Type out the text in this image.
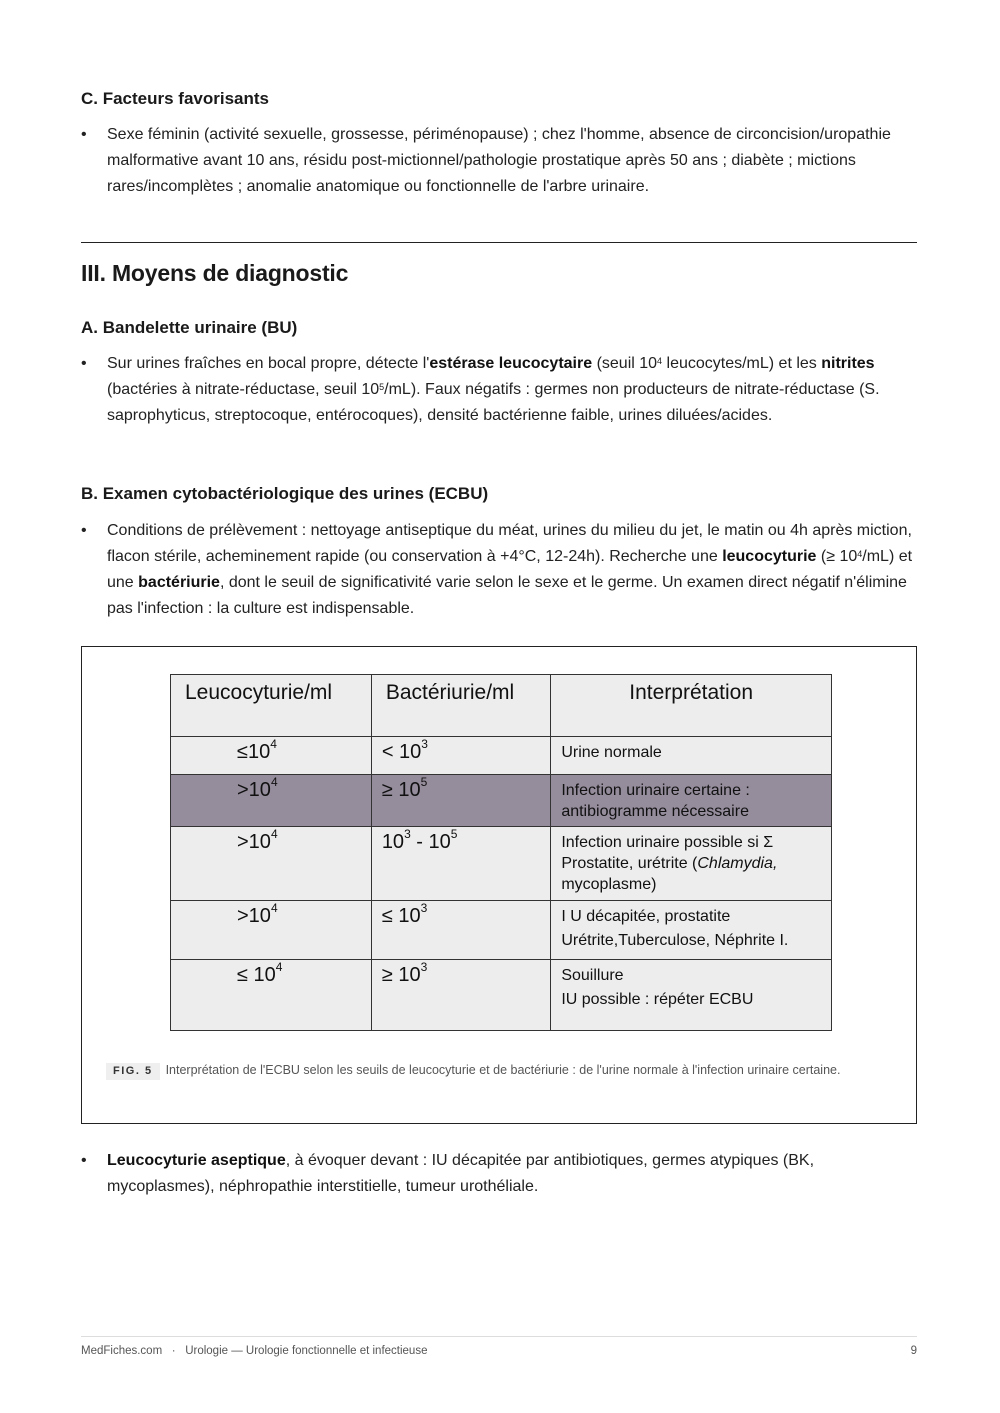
C. Facteurs favorisants
• Sexe féminin (activité sexuelle, grossesse, périménopause) ; chez l'homme, absence de circoncision/uropathie malformative avant 10 ans, résidu post-mictionnel/pathologie prostatique après 50 ans ; diabète ; mictions rares/incomplètes ; anomalie anatomique ou fonctionnelle de l'arbre urinaire.
III. Moyens de diagnostic
A. Bandelette urinaire (BU)
• Sur urines fraîches en bocal propre, détecte l'estérase leucocytaire (seuil $10^4$ leucocytes/mL) et les nitrites (bactéries à nitrate-réductase, seuil $10^5/mL$). Faux négatifs : germes non producteurs de nitrate-réductase (S. saprophyticus, streptocoque, entérocoques), densité bactérienne faible, urines diluées/acides.
B. Examen cytobactériologique des urines (ECBU)
• Conditions de prélèvement : nettoyage antiseptique du méat, urines du milieu du jet, le matin ou 4h après miction, flacon stérile, acheminement rapide (ou conservation à +4°C, 12-24h). Recherche une leucocyturie (≥ $10^4/mL$) et une bactériurie, dont le seuil de significativité varie selon le sexe et le germe. Un examen direct négatif n'élimine pas l'infection : la culture est indispensable.
Leucocyturie/ml	Bactériurie/ml	Interprétation
$\le 10^4$	< $10^3$	Urine normale
$>10^4$	≥ $10^5$	Infection urinaire certaine :
antibiogramme nécessaire
$>10^4$	$10^3 - 10^5$	Infection urinaire possible si Σ
Prostatite, urétrite (Chlamydia,
mycoplasme)
$>10^4$	≤ $10^3$	I U décapitée, prostatite
Urétrite,Tuberculose, Néphrite I.

≤ $10^4$	≥ $10^3$	Souillure
IU possible : répéter ECBU
FIG. 5 Interprétation de l'ECBU selon les seuils de leucocyturie et de bactériurie : de l'urine normale à l'infection urinaire certaine.
• Leucocyturie aseptique, à évoquer devant : IU décapitée par antibiotiques, germes atypiques (BK, mycoplasmes), néphropathie interstitielle, tumeur urothéliale.
MedFiches.com · Urologie — Urologie fonctionnelle et infectieuse	9
